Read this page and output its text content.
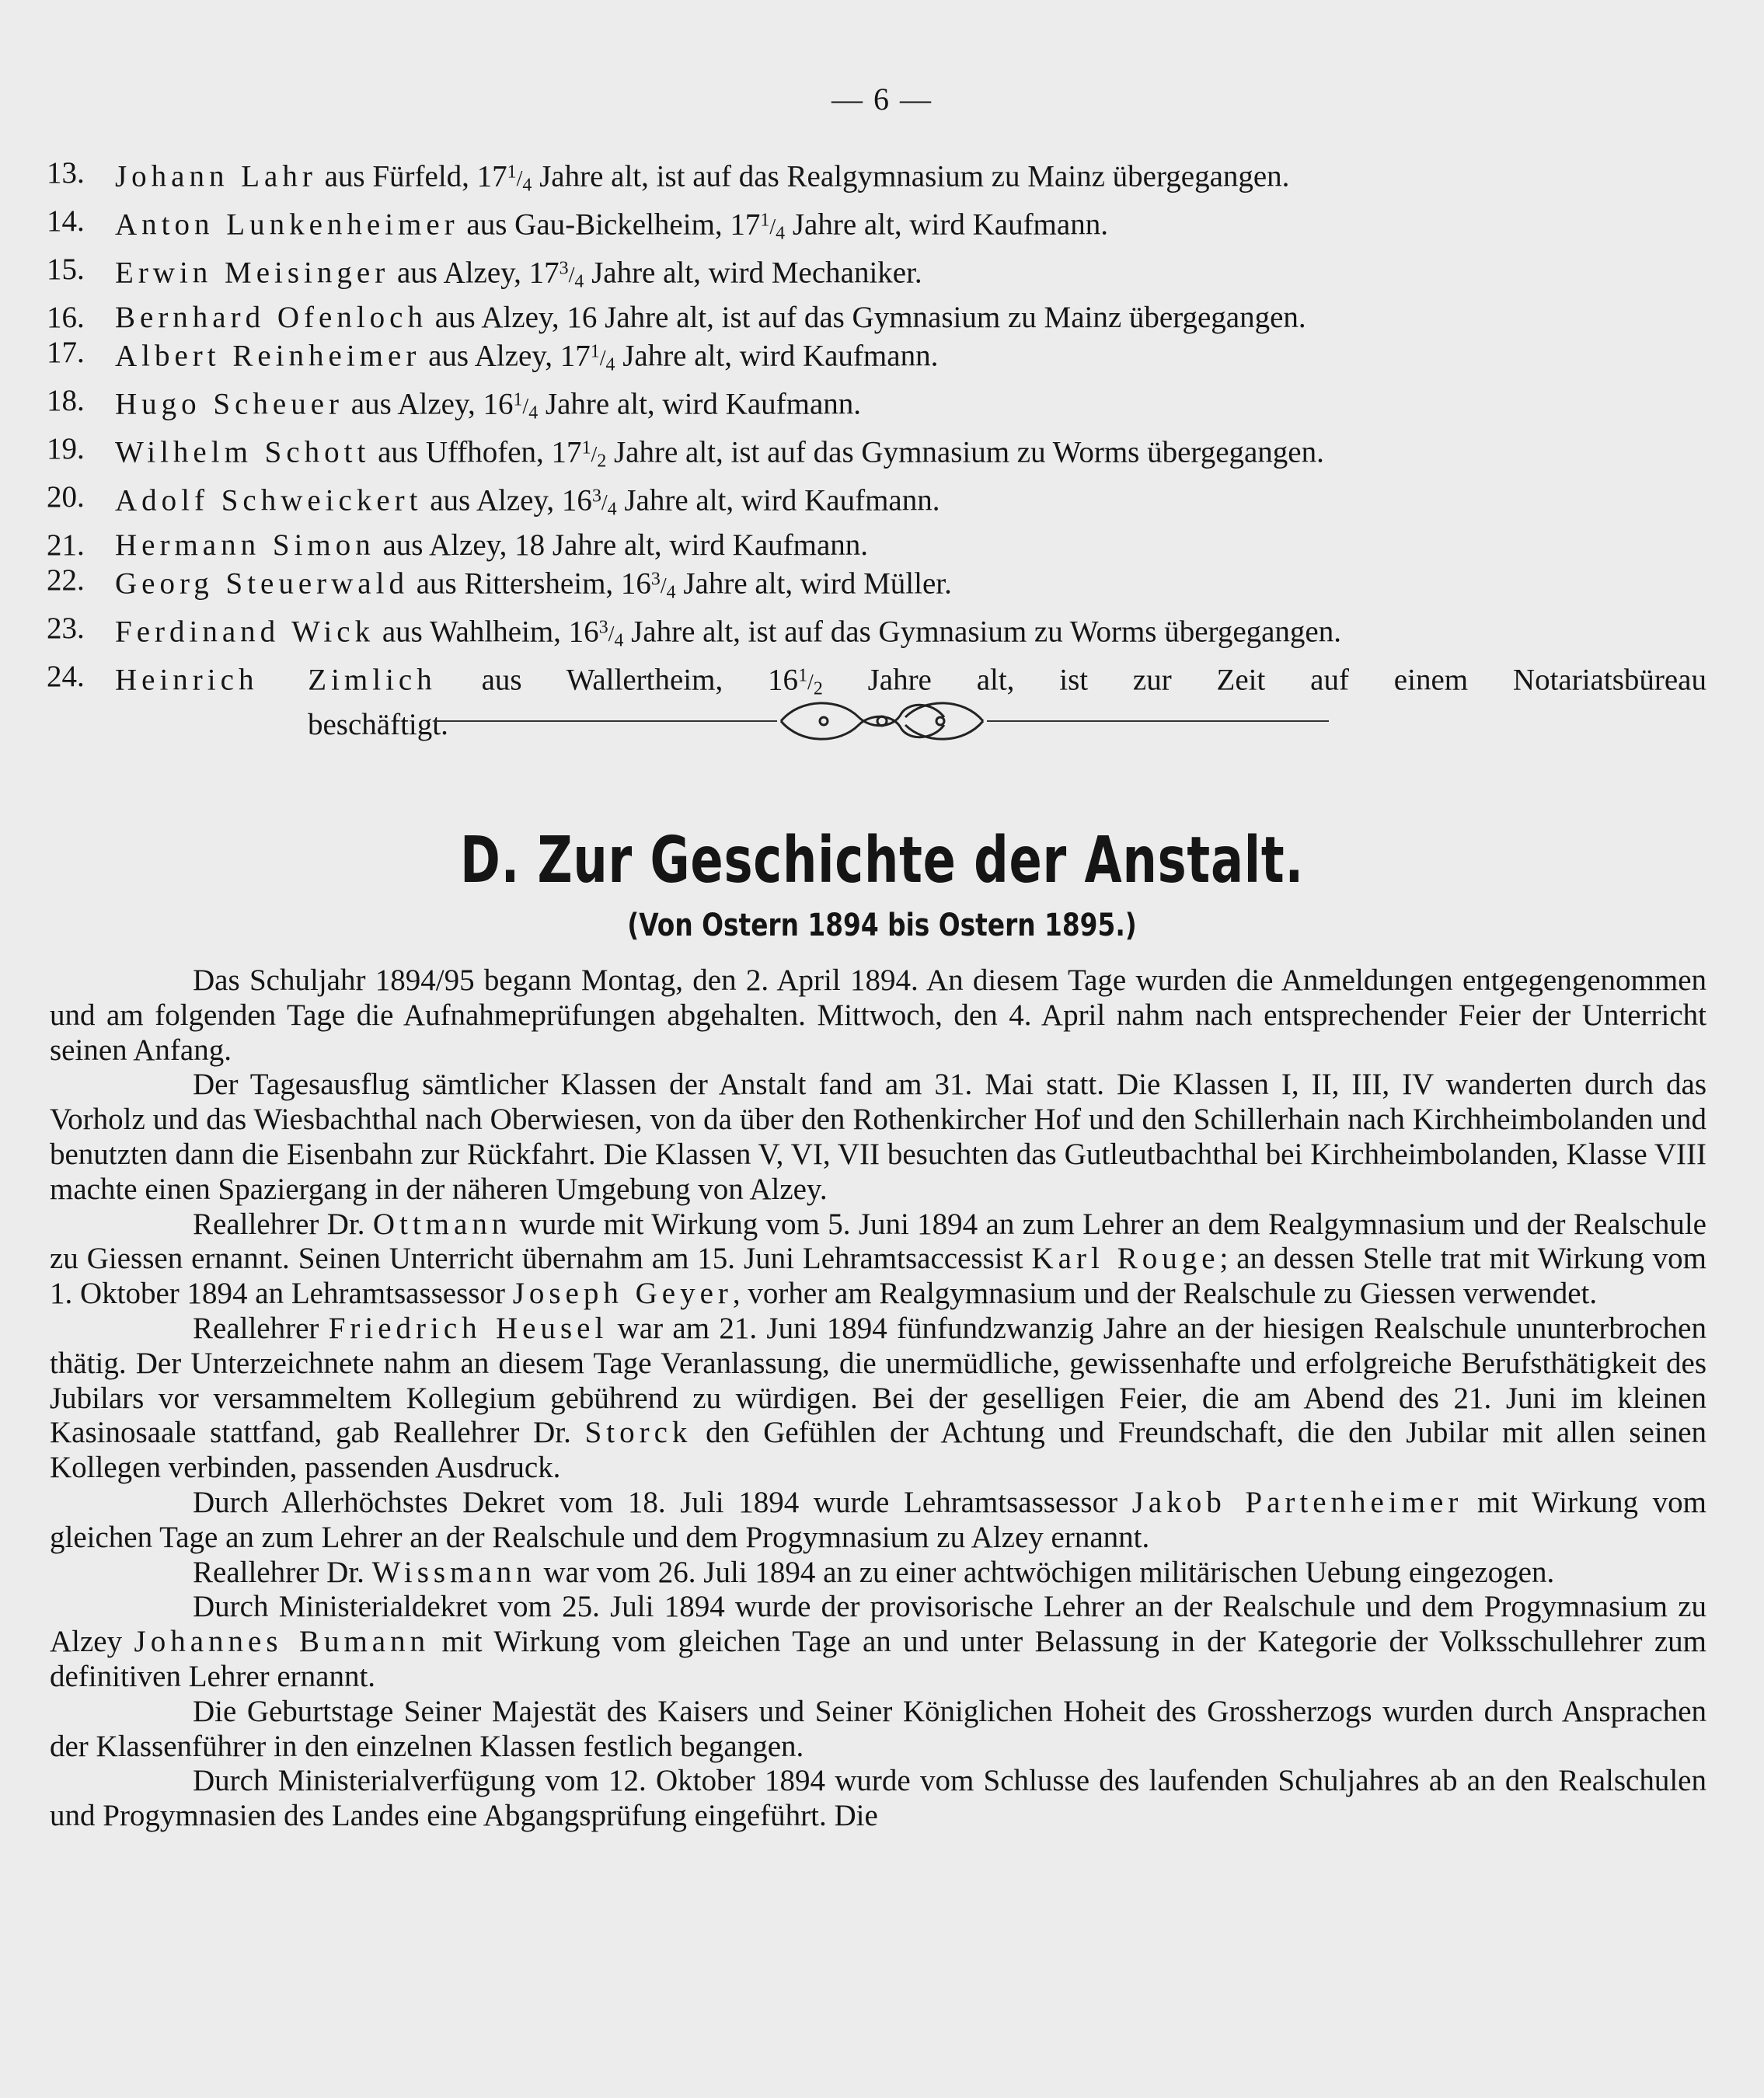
— 6 —
13.	Johann Lahr aus Fürfeld, $17^1/_4$ Jahre alt, ist auf das Realgymnasium zu Mainz übergegangen.
14.	Anton Lunkenheimer aus Gau-Bickelheim, $17^1/_4$ Jahre alt, wird Kaufmann.
15.	Erwin Meisinger aus Alzey, $17^3/_4$ Jahre alt, wird Mechaniker.
16.	Bernhard Ofenloch aus Alzey, 16 Jahre alt, ist auf das Gymnasium zu Mainz übergegangen.
17.	Albert Reinheimer aus Alzey, $17^1/_4$ Jahre alt, wird Kaufmann.
18.	Hugo Scheuer aus Alzey, $16^1/_4$ Jahre alt, wird Kaufmann.
19.	Wilhelm Schott aus Uffhofen, $17^1/_2$ Jahre alt, ist auf das Gymnasium zu Worms übergegangen.
20.	Adolf Schweickert aus Alzey, $16^3/_4$ Jahre alt, wird Kaufmann.
21.	Hermann Simon aus Alzey, 18 Jahre alt, wird Kaufmann.
22.	Georg Steuerwald aus Rittersheim, $16^3/_4$ Jahre alt, wird Müller.
23.	Ferdinand Wick aus Wahlheim, $16^3/_4$ Jahre alt, ist auf das Gymnasium zu Worms übergegangen.
24.	Heinrich Zimlich aus Wallertheim, $16^1/_2$ Jahre alt, ist zur Zeit auf einem Notariatsbüreau
beschäftigt.
D. Zur Geschichte der Anstalt.
(Von Ostern 1894 bis Ostern 1895.)

Das Schuljahr 1894/95 begann Montag, den 2. April 1894. An diesem Tage wurden die Anmeldungen entgegengenommen und am folgenden Tage die Aufnahmeprüfungen abgehalten. Mittwoch, den 4. April nahm nach entsprechender Feier der Unterricht seinen Anfang.

Der Tagesausflug sämtlicher Klassen der Anstalt fand am 31. Mai statt. Die Klassen I, II, III, IV wanderten durch das Vorholz und das Wiesbachthal nach Oberwiesen, von da über den Rothenkircher Hof und den Schillerhain nach Kirchheimbolanden und benutzten dann die Eisenbahn zur Rückfahrt. Die Klassen V, VI, VII besuchten das Gutleutbachthal bei Kirchheimbolanden, Klasse VIII machte einen Spaziergang in der näheren Umgebung von Alzey.

Reallehrer Dr. Ottmann wurde mit Wirkung vom 5. Juni 1894 an zum Lehrer an dem Realgymnasium und der Realschule zu Giessen ernannt. Seinen Unterricht übernahm am 15. Juni Lehramtsaccessist Karl Rouge; an dessen Stelle trat mit Wirkung vom 1. Oktober 1894 an Lehramtsassessor Joseph Geyer, vorher am Realgymnasium und der Realschule zu Giessen verwendet.

Reallehrer Friedrich Heusel war am 21. Juni 1894 fünfundzwanzig Jahre an der hiesigen Realschule ununterbrochen thätig. Der Unterzeichnete nahm an diesem Tage Veranlassung, die unermüdliche, gewissenhafte und erfolgreiche Berufsthätigkeit des Jubilars vor versammeltem Kollegium gebührend zu würdigen. Bei der geselligen Feier, die am Abend des 21. Juni im kleinen Kasinosaale stattfand, gab Reallehrer Dr. Storck den Gefühlen der Achtung und Freundschaft, die den Jubilar mit allen seinen Kollegen verbinden, passenden Ausdruck.

Durch Allerhöchstes Dekret vom 18. Juli 1894 wurde Lehramtsassessor Jakob Partenheimer mit Wirkung vom gleichen Tage an zum Lehrer an der Realschule und dem Progymnasium zu Alzey ernannt.

Reallehrer Dr. Wissmann war vom 26. Juli 1894 an zu einer achtwöchigen militärischen Uebung eingezogen.

Durch Ministerialdekret vom 25. Juli 1894 wurde der provisorische Lehrer an der Realschule und dem Progymnasium zu Alzey Johannes Bumann mit Wirkung vom gleichen Tage an und unter Belassung in der Kategorie der Volksschullehrer zum definitiven Lehrer ernannt.

Die Geburtstage Seiner Majestät des Kaisers und Seiner Königlichen Hoheit des Grossherzogs wurden durch Ansprachen der Klassenführer in den einzelnen Klassen festlich begangen.

Durch Ministerialverfügung vom 12. Oktober 1894 wurde vom Schlusse des laufenden Schuljahres ab an den Realschulen und Progymnasien des Landes eine Abgangsprüfung eingeführt. Die
